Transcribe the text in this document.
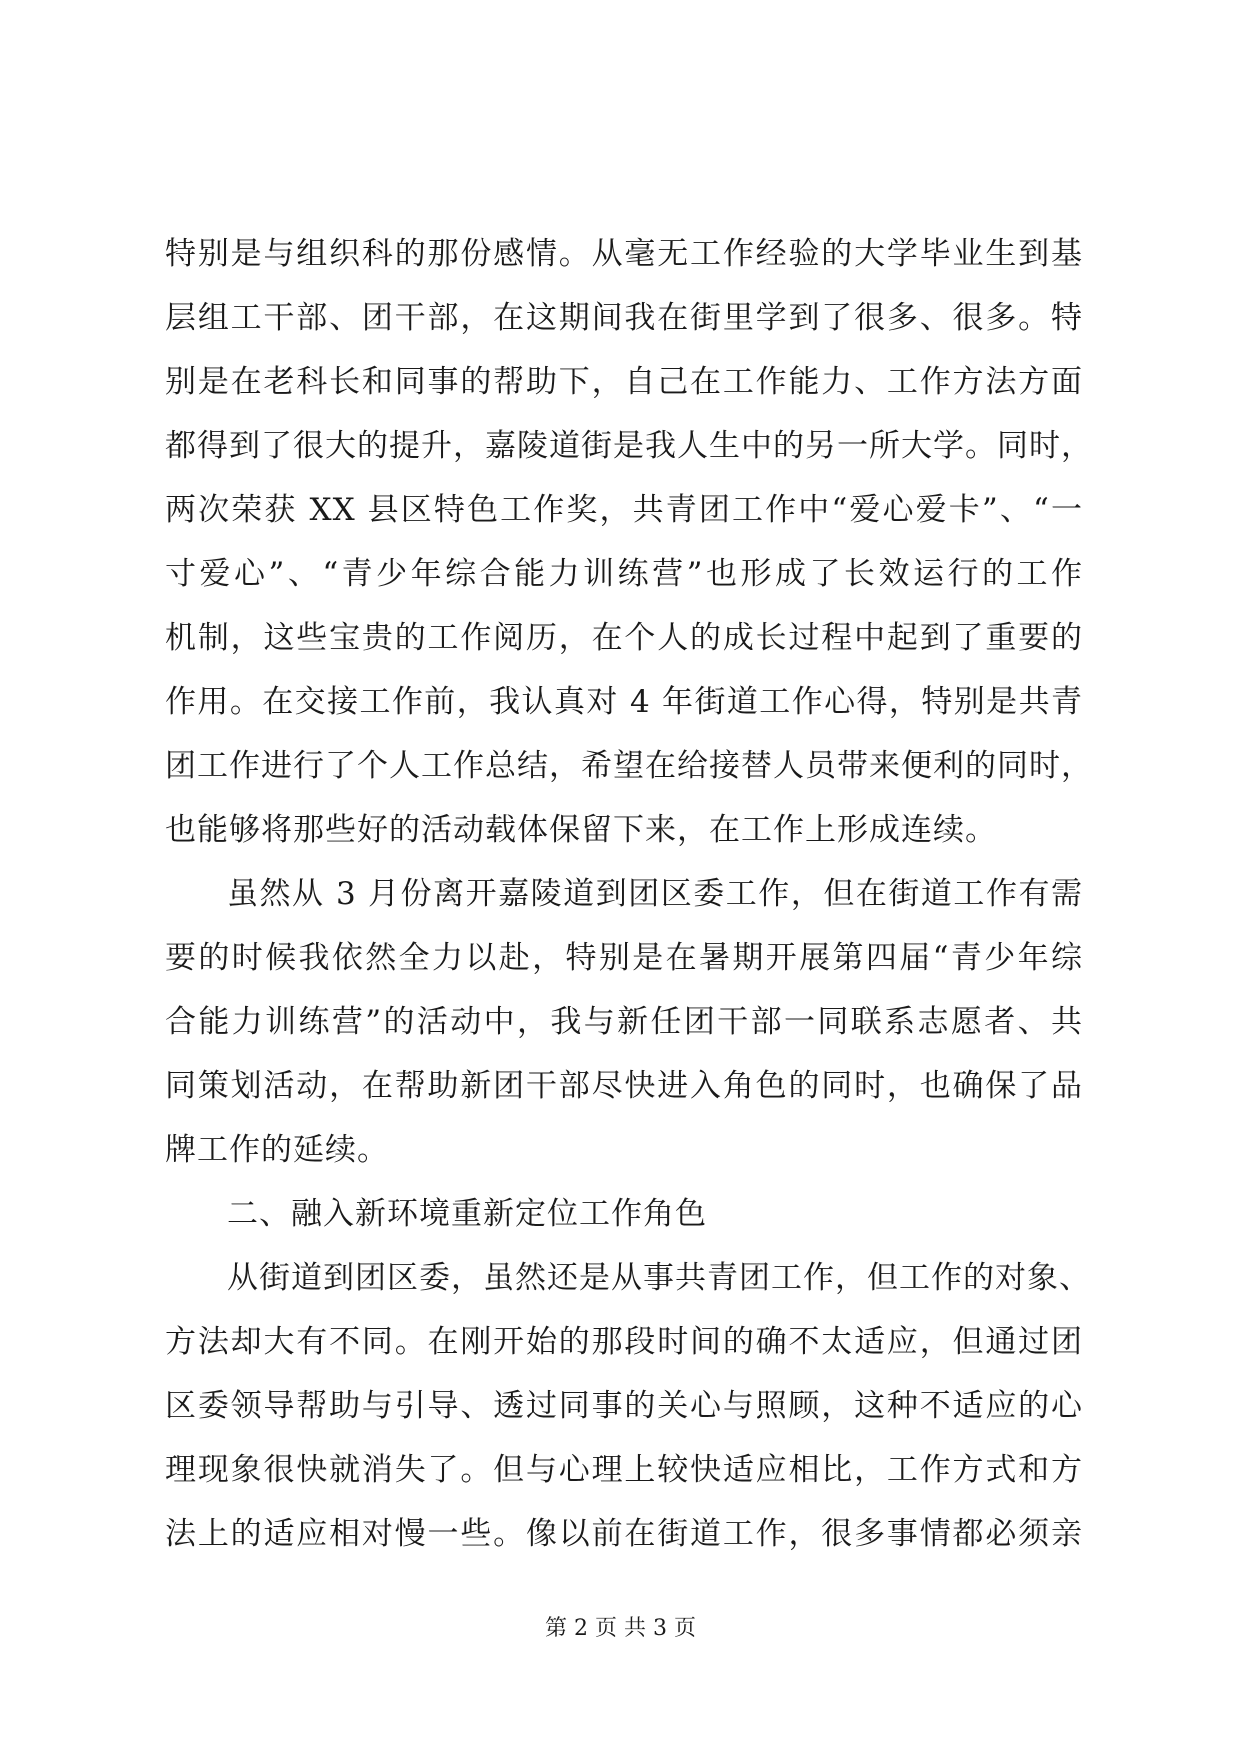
特别是与组织科的那份感情。从毫无工作经验的大学毕业生到基
层组工干部、团干部，在这期间我在街里学到了很多、很多。特
别是在老科长和同事的帮助下，自己在工作能力、工作方法方面
都得到了很大的提升，嘉陵道街是我人生中的另一所大学。同时，
两次荣获 XX 县区特色工作奖，共青团工作中“爱心爱卡”、“一
寸爱心”、“青少年综合能力训练营”也形成了长效运行的工作
机制，这些宝贵的工作阅历，在个人的成长过程中起到了重要的
作用。在交接工作前，我认真对 4 年街道工作心得，特别是共青
团工作进行了个人工作总结，希望在给接替人员带来便利的同时，
也能够将那些好的活动载体保留下来，在工作上形成连续。
虽然从 3 月份离开嘉陵道到团区委工作，但在街道工作有需
要的时候我依然全力以赴，特别是在暑期开展第四届“青少年综
合能力训练营”的活动中，我与新任团干部一同联系志愿者、共
同策划活动，在帮助新团干部尽快进入角色的同时，也确保了品
牌工作的延续。
二、融入新环境重新定位工作角色
从街道到团区委，虽然还是从事共青团工作，但工作的对象、
方法却大有不同。在刚开始的那段时间的确不太适应，但通过团
区委领导帮助与引导、透过同事的关心与照顾，这种不适应的心
理现象很快就消失了。但与心理上较快适应相比，工作方式和方
法上的适应相对慢一些。像以前在街道工作，很多事情都必须亲
第 2 页 共 3 页
